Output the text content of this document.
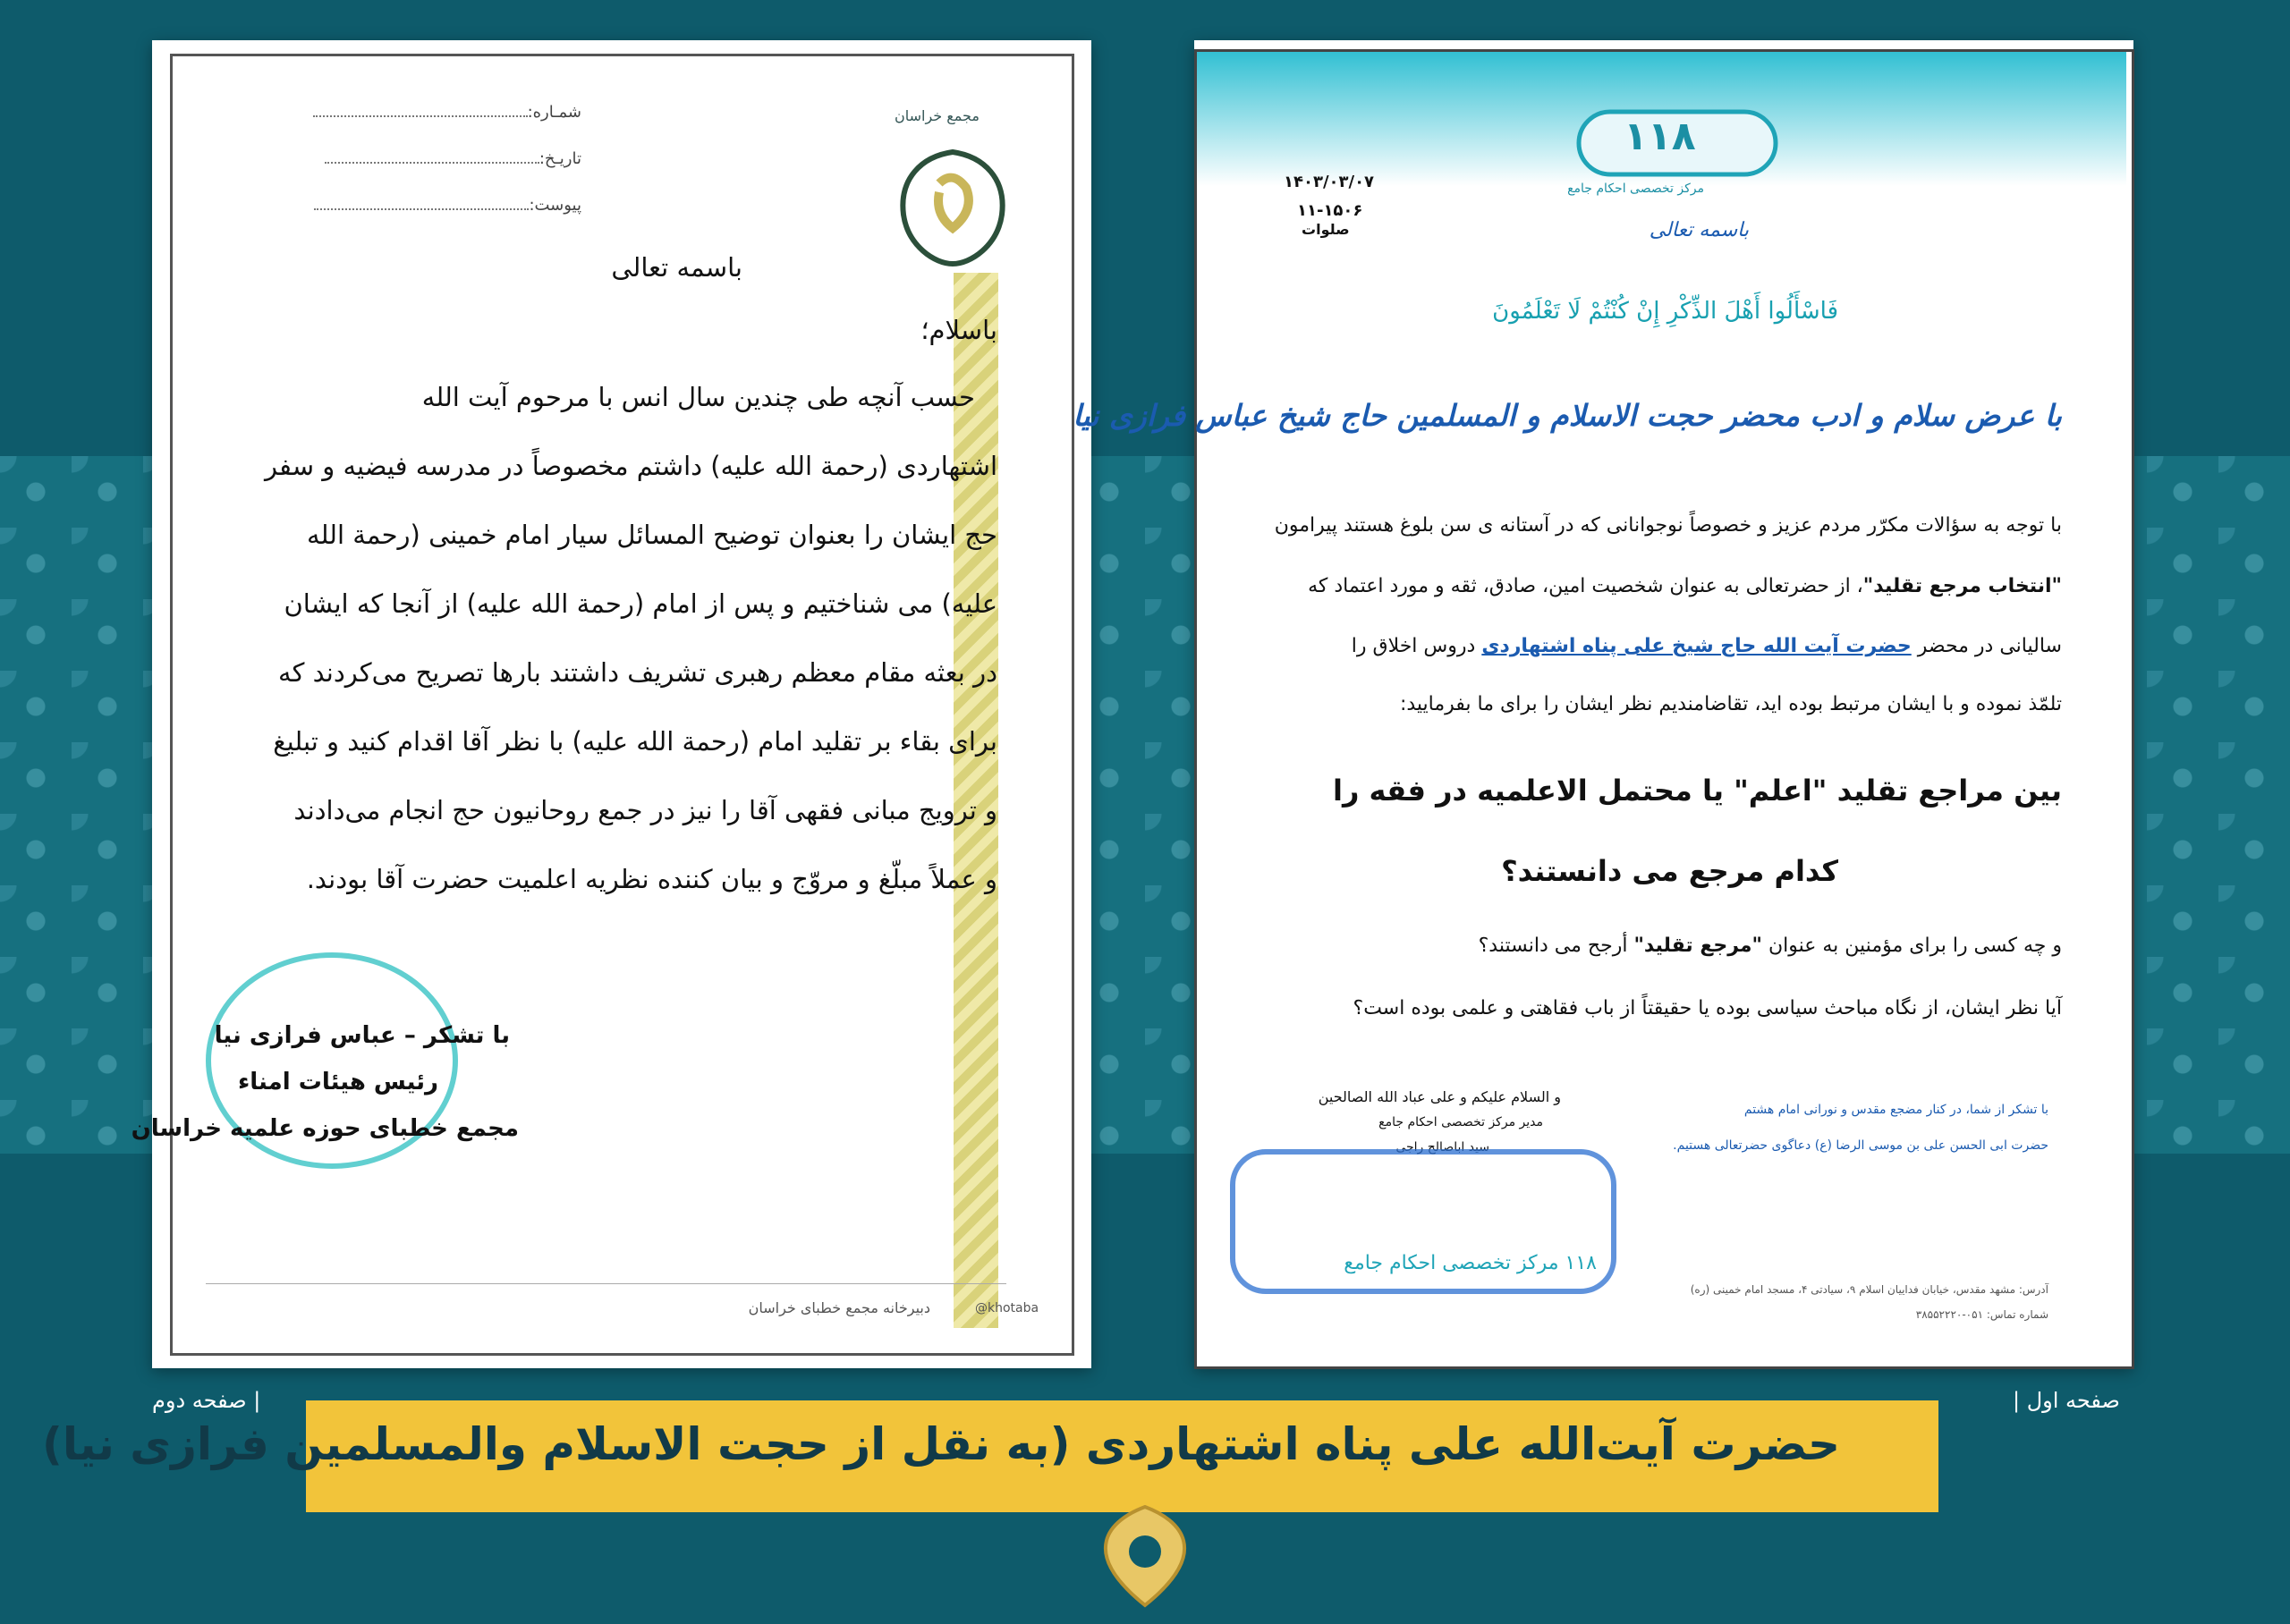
مجمع خراسان
شمـاره:
تاریـخ:
پیوست:
باسمه تعالی
باسلام؛
حسب آنچه طی چندین سال انس با مرحوم آیت الله
اشتهاردی (رحمة الله علیه) داشتم مخصوصاً در مدرسه فیضیه و سفر
حج ایشان را بعنوان توضیح المسائل سیار امام خمینی (رحمة الله
علیه) می شناختیم و پس از امام (رحمة الله علیه) از آنجا که ایشان
در بعثه مقام معظم رهبری تشریف داشتند بارها تصریح می‌کردند که
برای بقاء بر تقلید امام (رحمة الله علیه) با نظر آقا اقدام کنید و تبلیغ
و ترویج مبانی فقهی آقا را نیز در جمع روحانیون حج انجام می‌دادند
و عملاً مبلّغ و مروّج و بیان کننده نظریه اعلمیت حضرت آقا بودند.
با تشکر – عباس فرازی نیا
رئیس هیئات امناء
مجمع خطبای حوزه علمیه خراسان
@khotaba
دبیرخانه مجمع خطبای خراسان
۱۱۸
مرکز تخصصی احکام جامع
۱۴۰۳/۰۳/۰۷
۱۱-۱۵۰۶
صلوات	باسمه تعالی
فَاسْأَلُوا أَهْلَ الذِّكْرِ إِنْ كُنْتُمْ لَا تَعْلَمُونَ
با عرض سلام و ادب محضر حجت الاسلام و المسلمین حاج شیخ عباس فرازی نیا
با توجه به سؤالات مکرّر مردم عزیز و خصوصاً نوجوانانی که در آستانه ی سن بلوغ هستند پیرامون
"انتخاب مرجع تقلید"، از حضرتعالی به عنوان شخصیت امین، صادق، ثقه و مورد اعتماد که
سالیانی در محضر حضرت آیت الله حاج شیخ علی پناه اشتهاردی دروس اخلاق را
تلمّذ نموده و با ایشان مرتبط بوده اید، تقاضامندیم نظر ایشان را برای ما بفرمایید:
بین مراجع تقلید "اعلم" یا محتمل الاعلمیه در فقه را
کدام مرجع می دانستند؟
و چه کسی را برای مؤمنین به عنوان "مرجع تقلید" أرجح می دانستند؟
آیا نظر ایشان، از نگاه مباحث سیاسی بوده یا حقیقتاً از باب فقاهتی و علمی بوده است؟
و السلام علیکم و علی عباد الله الصالحین
مدیر مرکز تخصصی احکام جامع
سید اباصالح راجی
با تشکر از شما، در کنار مضجع مقدس و نورانی امام هشتم
حضرت ابی الحسن علی بن موسی الرضا (ع) دعاگوی حضرتعالی هستیم.
۱۱۸ مرکز تخصصی احکام جامع
آدرس: مشهد مقدس، خیابان فداییان اسلام ۹، سیادتی ۴، مسجد امام خمینی (ره)
شماره تماس: ۰۵۱-۳۸۵۵۲۲۲۰
صفحه دوم |	| صفحه اول
حضرت آیت‌الله علی پناه اشتهاردی (به نقل از حجت الاسلام والمسلمین فرازی نیا)
